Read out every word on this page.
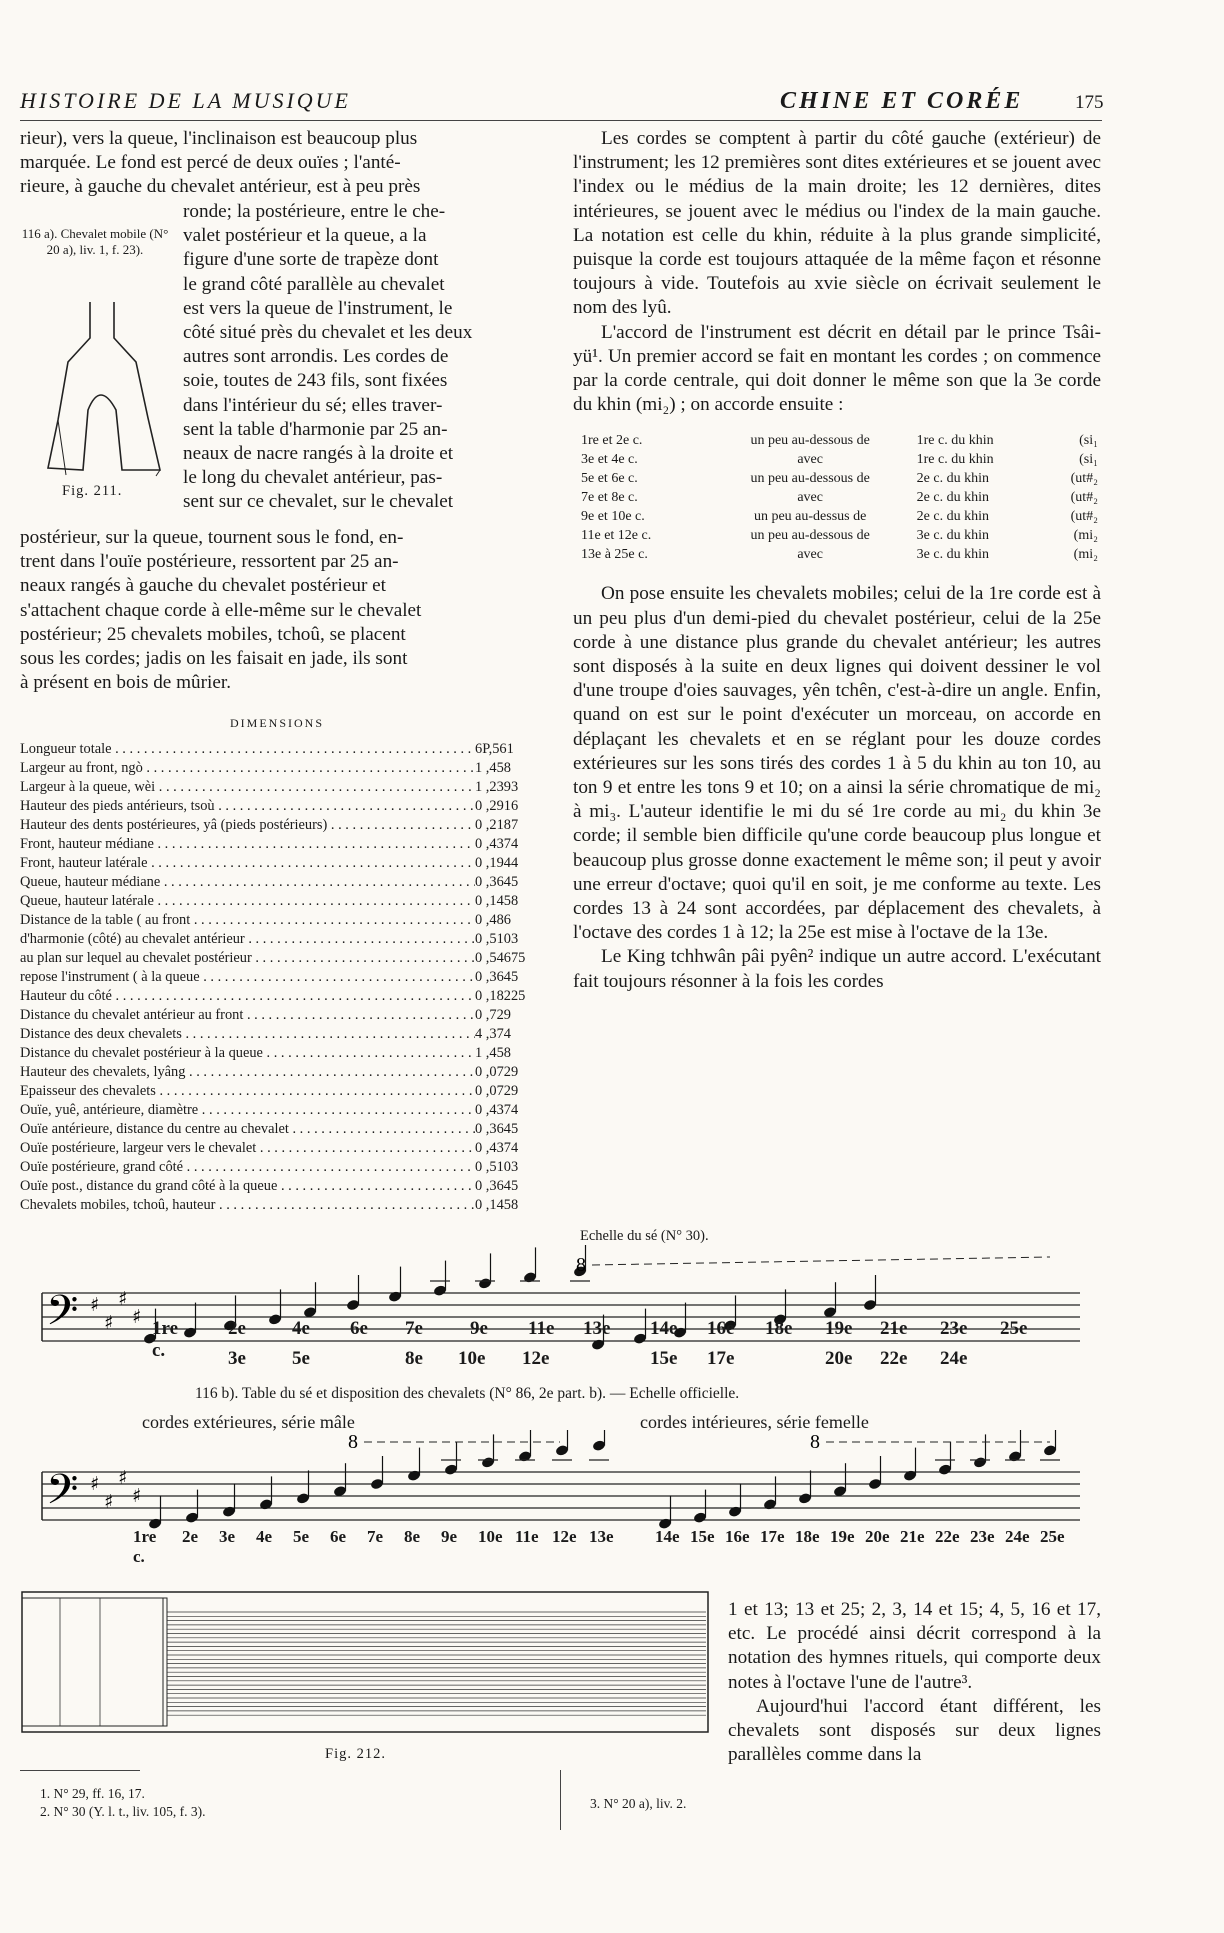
HISTOIRE DE LA MUSIQUE	CHINE ET CORÉE	175

rieur), vers la queue, l'inclinaison est beaucoup plus

marquée. Le fond est percé de deux ouïes ; l'anté-

rieure, à gauche du chevalet antérieur, est à peu près

116 a). Chevalet mobile (N° 20 a), liv. 1, f. 23).
Fig. 211.

ronde; la postérieure, entre le che-

valet postérieur et la queue, a la

figure d'une sorte de trapèze dont

le grand côté parallèle au chevalet

est vers la queue de l'instrument, le

côté situé près du chevalet et les deux

autres sont arrondis. Les cordes de

soie, toutes de 243 fils, sont fixées

dans l'intérieur du sé; elles traver-

sent la table d'harmonie par 25 an-

neaux de nacre rangés à la droite et

le long du chevalet antérieur, pas-

sent sur ce chevalet, sur le chevalet

postérieur, sur la queue, tournent sous le fond, en-

trent dans l'ouïe postérieure, ressortent par 25 an-

neaux rangés à gauche du chevalet postérieur et

s'attachent chaque corde à elle-même sur le chevalet

postérieur; 25 chevalets mobiles, tchoû, se placent

sous les cordes; jadis on les faisait en jade, ils sont

à présent en bois de mûrier.

DIMENSIONS
Longueur totale . . .	6P,561

Largeur au front, ngò . . .	1 ,458

Largeur à la queue, wèi . . .	1 ,2393

Hauteur des pieds antérieurs, tsoù . . .	0 ,2916

Hauteur des dents postérieures, yâ (pieds postérieurs) . . .	0 ,2187

Front, hauteur médiane . . .	0 ,4374

Front, hauteur latérale . . .	0 ,1944

Queue, hauteur médiane . . .	0 ,3645

Queue, hauteur latérale . . .	0 ,1458

Distance de la table ( au front . . .	0 ,486

d'harmonie (côté) au chevalet antérieur . . .	0 ,5103

au plan sur lequel au chevalet postérieur . . .	0 ,54675

repose l'instrument ( à la queue . . .	0 ,3645

Hauteur du côté . . .	0 ,18225

Distance du chevalet antérieur au front . . .	0 ,729

Distance des deux chevalets . . .	4 ,374

Distance du chevalet postérieur à la queue . . .	1 ,458

Hauteur des chevalets, lyâng . . .	0 ,0729

Epaisseur des chevalets . . .	0 ,0729

Ouïe, yuê, antérieure, diamètre . . .	0 ,4374

Ouïe antérieure, distance du centre au chevalet . . .	0 ,3645

Ouïe postérieure, largeur vers le chevalet . . .	0 ,4374

Ouïe postérieure, grand côté . . .	0 ,5103

Ouïe post., distance du grand côté à la queue . . .	0 ,3645

Chevalets mobiles, tchoû, hauteur . . .	0 ,1458

Les cordes se comptent à partir du côté gauche (extérieur) de l'instrument; les 12 premières sont dites extérieures et se jouent avec l'index ou le médius de la main droite; les 12 dernières, dites intérieures, se jouent avec le médius ou l'index de la main gauche. La notation est celle du khin, réduite à la plus grande simplicité, puisque la corde est toujours attaquée de la même façon et résonne toujours à vide. Toutefois au xvie siècle on écrivait seulement le nom des lyû.

L'accord de l'instrument est décrit en détail par le prince Tsâi-yü¹. Un premier accord se fait en montant les cordes ; on commence par la corde centrale, qui doit donner le même son que la 3e corde du khin (mi₂) ; on accorde ensuite :

1re et 2e c.	un peu au-dessous de	1re c. du khin	(si₁
3e et 4e c.	avec	1re c. du khin	(si₁
5e et 6e c.	un peu au-dessous de	2e c. du khin	(ut#₂
7e et 8e c.	avec	2e c. du khin	(ut#₂
9e et 10e c.	un peu au-dessus de	2e c. du khin	(ut#₂
11e et 12e c.	un peu au-dessous de	3e c. du khin	(mi₂
13e à 25e c.	avec	3e c. du khin	(mi₂

On pose ensuite les chevalets mobiles; celui de la 1re corde est à un peu plus d'un demi-pied du chevalet postérieur, celui de la 25e corde à une distance plus grande du chevalet antérieur; les autres sont disposés à la suite en deux lignes qui doivent dessiner le vol d'une troupe d'oies sauvages, yên tchên, c'est-à-dire un angle. Enfin, quand on est sur le point d'exécuter un morceau, on accorde en déplaçant les chevalets et en se réglant pour les douze cordes extérieures sur les sons tirés des cordes 1 à 5 du khin au ton 10, au ton 9 et entre les tons 9 et 10; on a ainsi la série chromatique de mi₂ à mi₃. L'auteur identifie le mi du sé 1re corde au mi₂ du khin 3e corde; il semble bien difficile qu'une corde beaucoup plus longue et beaucoup plus grosse donne exactement le même son; il peut y avoir une erreur d'octave; quoi qu'il en soit, je me conforme au texte. Les cordes 13 à 24 sont accordées, par déplacement des chevalets, à l'octave des cordes 1 à 12; la 25e est mise à l'octave de la 13e.

Le King tchhwân pâi pyên² indique un autre accord. L'exécutant fait toujours résonner à la fois les cordes

Echelle du sé (N° 30).
𝄢 ♯
♯
♯
♯
8
1re c.
2e 4e 6e 7e 9e 11e 13e 14e 16e 18e 19e 21e 23e 25e
3e 5e	8e 10e 12e	15e 17e	20e 22e 24e
116 b). Table du sé et disposition des chevalets (N° 86, 2e part. b). — Echelle officielle.
cordes extérieures, série mâle	cordes intérieures, série femelle
𝄢 ♯
♯
♯
♯
8	8
1re c.
2e 3e 4e 5e 6e 7e 8e 9e 10e 11e 12e 13e 14e 15e 16e 17e 18e 19e 20e 21e 22e 23e 24e 25e
Fig. 212.

1 et 13; 13 et 25; 2, 3, 14 et 15; 4, 5, 16 et 17, etc. Le procédé ainsi décrit correspond à la notation des hymnes rituels, qui comporte deux notes à l'octave l'une de l'autre³.

Aujourd'hui l'accord étant différent, les chevalets sont disposés sur deux lignes parallèles comme dans la

1. N° 29, ff. 16, 17.
2. N° 30 (Y. l. t., liv. 105, f. 3).
3. N° 20 a), liv. 2.
